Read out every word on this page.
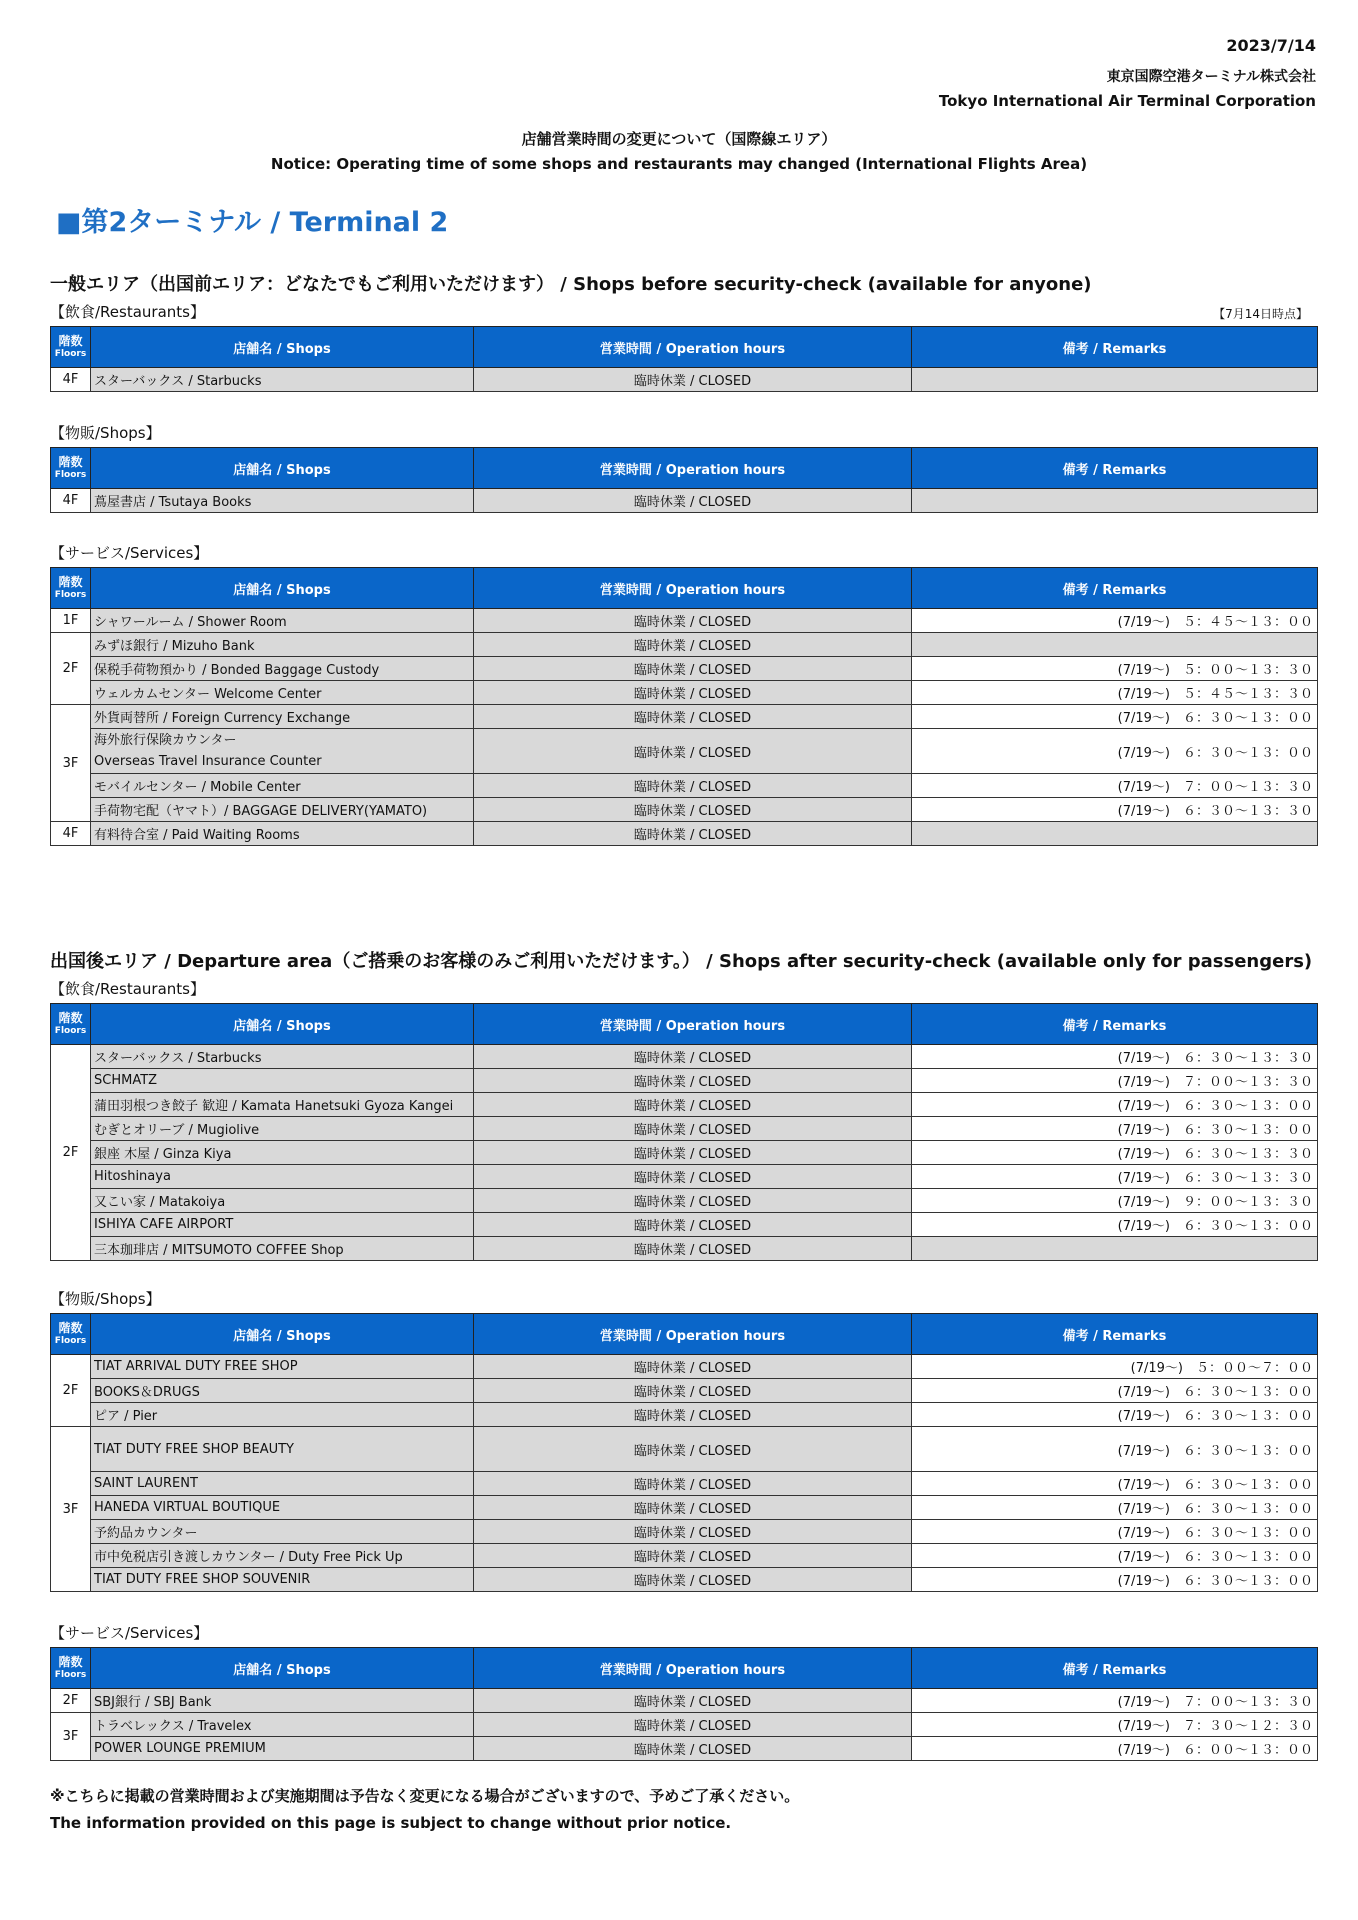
2023/7/14
東京国際空港ターミナル株式会社
Tokyo International Air Terminal Corporation
店舗営業時間の変更について（国際線エリア）
Notice: Operating time of some shops and restaurants may changed (International Flights Area)
■第2ターミナル / Terminal 2
一般エリア（出国前エリア：どなたでもご利用いただけます） / Shops before security-check (available for anyone)
【飲食/Restaurants】	【7月14日時点】
階数
Floors	店舗名 / Shops	営業時間 / Operation hours	備考 / Remarks
4F	スターバックス / Starbucks	臨時休業 / CLOSED	
【物販/Shops】
階数
Floors	店舗名 / Shops	営業時間 / Operation hours	備考 / Remarks
4F	蔦屋書店 / Tsutaya Books	臨時休業 / CLOSED	
【サービス/Services】
階数
Floors	店舗名 / Shops	営業時間 / Operation hours	備考 / Remarks
1F	シャワールーム / Shower Room	臨時休業 / CLOSED	(7/19～)　５：４５～１３：００
2F	みずほ銀行 / Mizuho Bank	臨時休業 / CLOSED	
	保税手荷物預かり / Bonded Baggage Custody	臨時休業 / CLOSED	(7/19～)　５：００～１３：３０
	ウェルカムセンター Welcome Center	臨時休業 / CLOSED	(7/19～)　５：４５～１３：３０
3F	外貨両替所 / Foreign Currency Exchange	臨時休業 / CLOSED	(7/19～)　６：３０～１３：００
	海外旅行保険カウンター
Overseas Travel Insurance Counter	臨時休業 / CLOSED	(7/19～)　６：３０～１３：００
	モバイルセンター / Mobile Center	臨時休業 / CLOSED	(7/19～)　７：００～１３：３０
	手荷物宅配（ヤマト）/ BAGGAGE DELIVERY(YAMATO)	臨時休業 / CLOSED	(7/19～)　６：３０～１３：３０
4F	有料待合室 / Paid Waiting Rooms	臨時休業 / CLOSED	
出国後エリア / Departure area（ご搭乗のお客様のみご利用いただけます。） / Shops after security-check (available only for passengers)
【飲食/Restaurants】
階数
Floors	店舗名 / Shops	営業時間 / Operation hours	備考 / Remarks
2F	スターバックス / Starbucks	臨時休業 / CLOSED	(7/19～)　６：３０～１３：３０
	SCHMATZ	臨時休業 / CLOSED	(7/19～)　７：００～１３：３０
	蒲田羽根つき餃子 歓迎 / Kamata Hanetsuki Gyoza Kangei	臨時休業 / CLOSED	(7/19～)　６：３０～１３：００
	むぎとオリーブ / Mugiolive	臨時休業 / CLOSED	(7/19～)　６：３０～１３：００
	銀座 木屋 / Ginza Kiya	臨時休業 / CLOSED	(7/19～)　６：３０～１３：３０
	Hitoshinaya	臨時休業 / CLOSED	(7/19～)　６：３０～１３：３０
	又こい家 / Matakoiya	臨時休業 / CLOSED	(7/19～)　９：００～１３：３０
	ISHIYA CAFE AIRPORT	臨時休業 / CLOSED	(7/19～)　６：３０～１３：００
	三本珈琲店 / MITSUMOTO COFFEE Shop	臨時休業 / CLOSED	
【物販/Shops】
階数
Floors	店舗名 / Shops	営業時間 / Operation hours	備考 / Remarks
2F	TIAT ARRIVAL DUTY FREE SHOP	臨時休業 / CLOSED	(7/19～)　５：００～７：００
	BOOKS＆DRUGS	臨時休業 / CLOSED	(7/19～)　６：３０～１３：００
	ピア / Pier	臨時休業 / CLOSED	(7/19～)　６：３０～１３：００
3F	TIAT DUTY FREE SHOP BEAUTY	臨時休業 / CLOSED	(7/19～)　６：３０～１３：００
	SAINT LAURENT	臨時休業 / CLOSED	(7/19～)　６：３０～１３：００
	HANEDA VIRTUAL BOUTIQUE	臨時休業 / CLOSED	(7/19～)　６：３０～１３：００
	予約品カウンター	臨時休業 / CLOSED	(7/19～)　６：３０～１３：００
	市中免税店引き渡しカウンター / Duty Free Pick Up	臨時休業 / CLOSED	(7/19～)　６：３０～１３：００
	TIAT DUTY FREE SHOP SOUVENIR	臨時休業 / CLOSED	(7/19～)　６：３０～１３：００
【サービス/Services】
階数
Floors	店舗名 / Shops	営業時間 / Operation hours	備考 / Remarks
2F	SBJ銀行 / SBJ Bank	臨時休業 / CLOSED	(7/19～)　７：００～１３：３０
3F	トラベレックス / Travelex	臨時休業 / CLOSED	(7/19～)　７：３０～１２：３０
	POWER LOUNGE PREMIUM	臨時休業 / CLOSED	(7/19～)　６：００～１３：００
※こちらに掲載の営業時間および実施期間は予告なく変更になる場合がございますので、予めご了承ください。
The information provided on this page is subject to change without prior notice.
